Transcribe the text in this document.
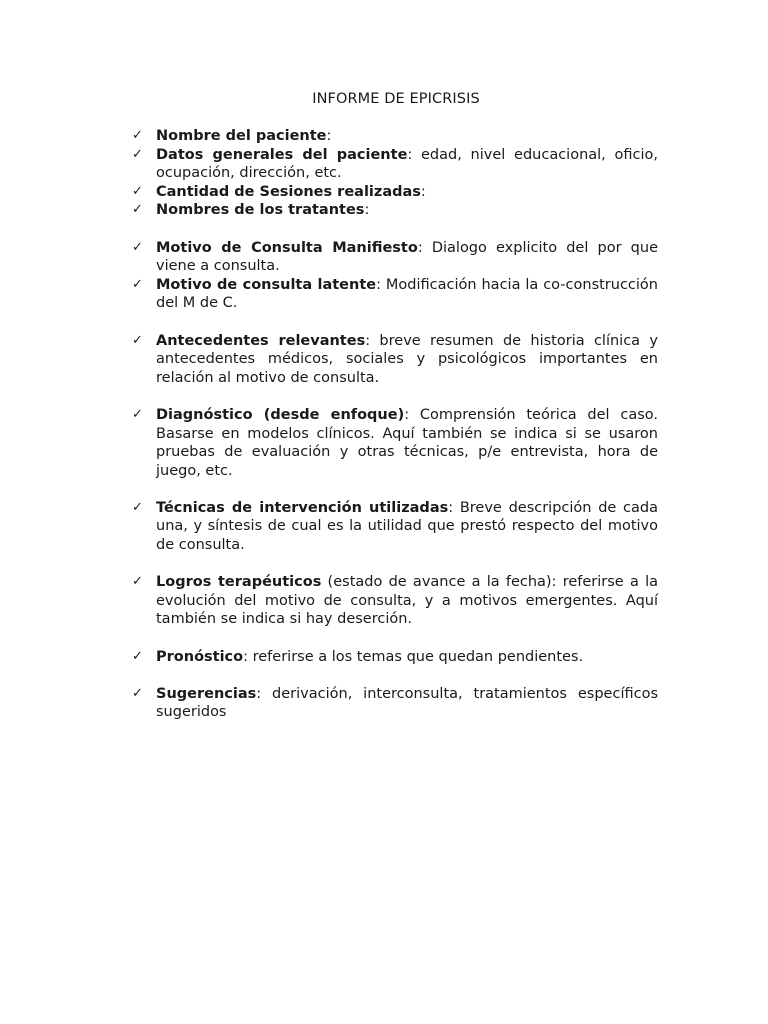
INFORME DE EPICRISIS
✓ Nombre del paciente:
✓ Datos generales del paciente: edad, nivel educacional, oficio, ocupación, dirección, etc.
✓ Cantidad de Sesiones realizadas:
✓ Nombres de los tratantes:
✓ Motivo de Consulta Manifiesto: Dialogo explicito del por que viene a consulta.
✓ Motivo de consulta latente: Modificación hacia la co-construcción del M de C.
✓ Antecedentes relevantes: breve resumen de historia clínica y antecedentes médicos, sociales y psicológicos importantes en relación al motivo de consulta.
✓ Diagnóstico (desde enfoque): Comprensión teórica del caso. Basarse en modelos clínicos. Aquí también se indica si se usaron pruebas de evaluación y otras técnicas, p/e entrevista, hora de juego, etc.
✓ Técnicas de intervención utilizadas: Breve descripción de cada una, y síntesis de cual es la utilidad que prestó respecto del motivo de consulta.
✓ Logros terapéuticos (estado de avance a la fecha): referirse a la evolución del motivo de consulta, y a motivos emergentes. Aquí también se indica si hay deserción.
✓ Pronóstico: referirse a los temas que quedan pendientes.
✓ Sugerencias: derivación, interconsulta, tratamientos específicos sugeridos
